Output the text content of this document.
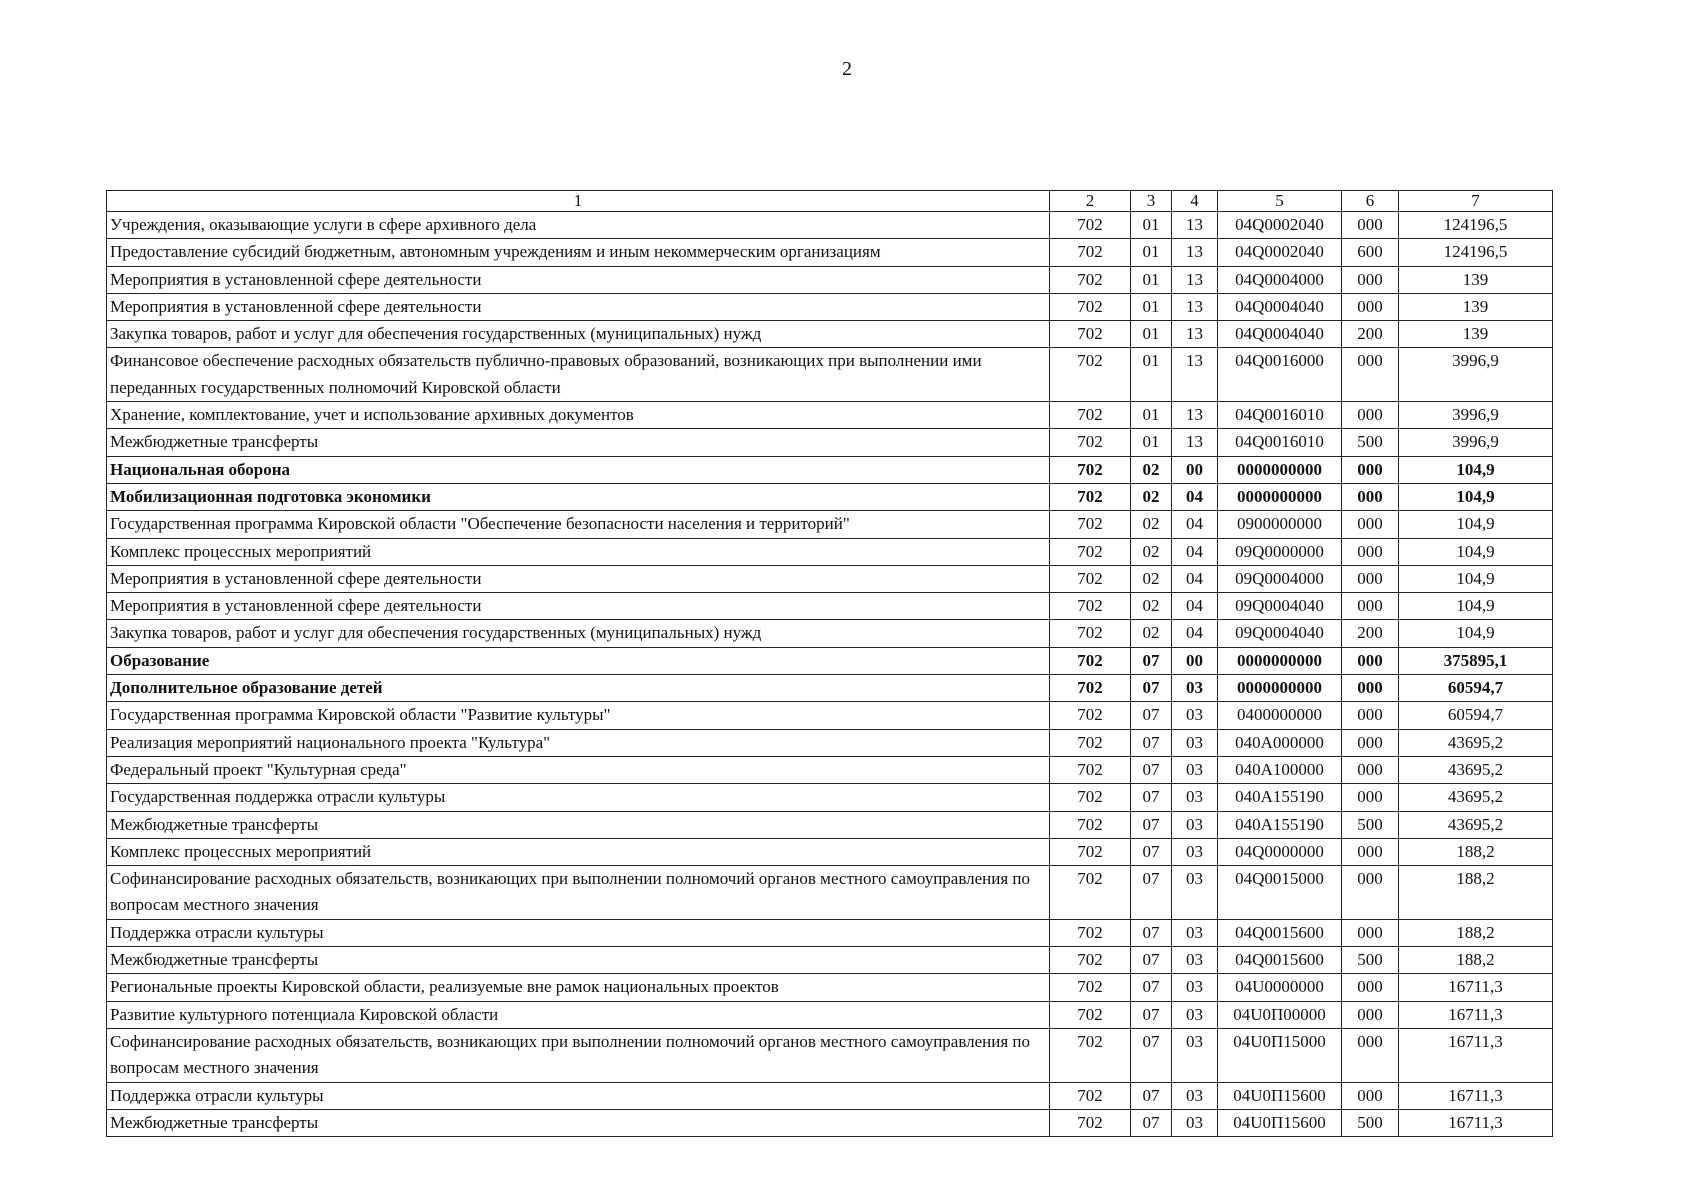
2
1	2	3	4	5	6	7
Учреждения, оказывающие услуги в сфере архивного дела	702	01	13	04Q0002040	000	124196,5
Предоставление субсидий бюджетным, автономным учреждениям и иным некоммерческим организациям	702	01	13	04Q0002040	600	124196,5
Мероприятия в установленной сфере деятельности	702	01	13	04Q0004000	000	139
Мероприятия в установленной сфере деятельности	702	01	13	04Q0004040	000	139
Закупка товаров, работ и услуг для обеспечения государственных (муниципальных) нужд	702	01	13	04Q0004040	200	139
Финансовое обеспечение расходных обязательств публично-правовых образований, возникающих при выполнении ими переданных государственных полномочий Кировской области	702	01	13	04Q0016000	000	3996,9
Хранение, комплектование, учет и использование архивных документов	702	01	13	04Q0016010	000	3996,9
Межбюджетные трансферты	702	01	13	04Q0016010	500	3996,9
Национальная оборона	702	02	00	0000000000	000	104,9
Мобилизационная подготовка экономики	702	02	04	0000000000	000	104,9
Государственная программа Кировской области "Обеспечение безопасности населения и территорий"	702	02	04	0900000000	000	104,9
Комплекс процессных мероприятий	702	02	04	09Q0000000	000	104,9
Мероприятия в установленной сфере деятельности	702	02	04	09Q0004000	000	104,9
Мероприятия в установленной сфере деятельности	702	02	04	09Q0004040	000	104,9
Закупка товаров, работ и услуг для обеспечения государственных (муниципальных) нужд	702	02	04	09Q0004040	200	104,9
Образование	702	07	00	0000000000	000	375895,1
Дополнительное образование детей	702	07	03	0000000000	000	60594,7
Государственная программа Кировской области "Развитие культуры"	702	07	03	0400000000	000	60594,7
Реализация мероприятий национального проекта "Культура"	702	07	03	040A000000	000	43695,2
Федеральный проект "Культурная среда"	702	07	03	040A100000	000	43695,2
Государственная поддержка отрасли культуры	702	07	03	040A155190	000	43695,2
Межбюджетные трансферты	702	07	03	040A155190	500	43695,2
Комплекс процессных мероприятий	702	07	03	04Q0000000	000	188,2
Софинансирование расходных обязательств, возникающих при выполнении полномочий органов местного самоуправления по вопросам местного значения	702	07	03	04Q0015000	000	188,2
Поддержка отрасли культуры	702	07	03	04Q0015600	000	188,2
Межбюджетные трансферты	702	07	03	04Q0015600	500	188,2
Региональные проекты Кировской области, реализуемые вне рамок национальных проектов	702	07	03	04U0000000	000	16711,3
Развитие культурного потенциала Кировской области	702	07	03	04U0П00000	000	16711,3
Софинансирование расходных обязательств, возникающих при выполнении полномочий органов местного самоуправления по вопросам местного значения	702	07	03	04U0П15000	000	16711,3
Поддержка отрасли культуры	702	07	03	04U0П15600	000	16711,3
Межбюджетные трансферты	702	07	03	04U0П15600	500	16711,3
